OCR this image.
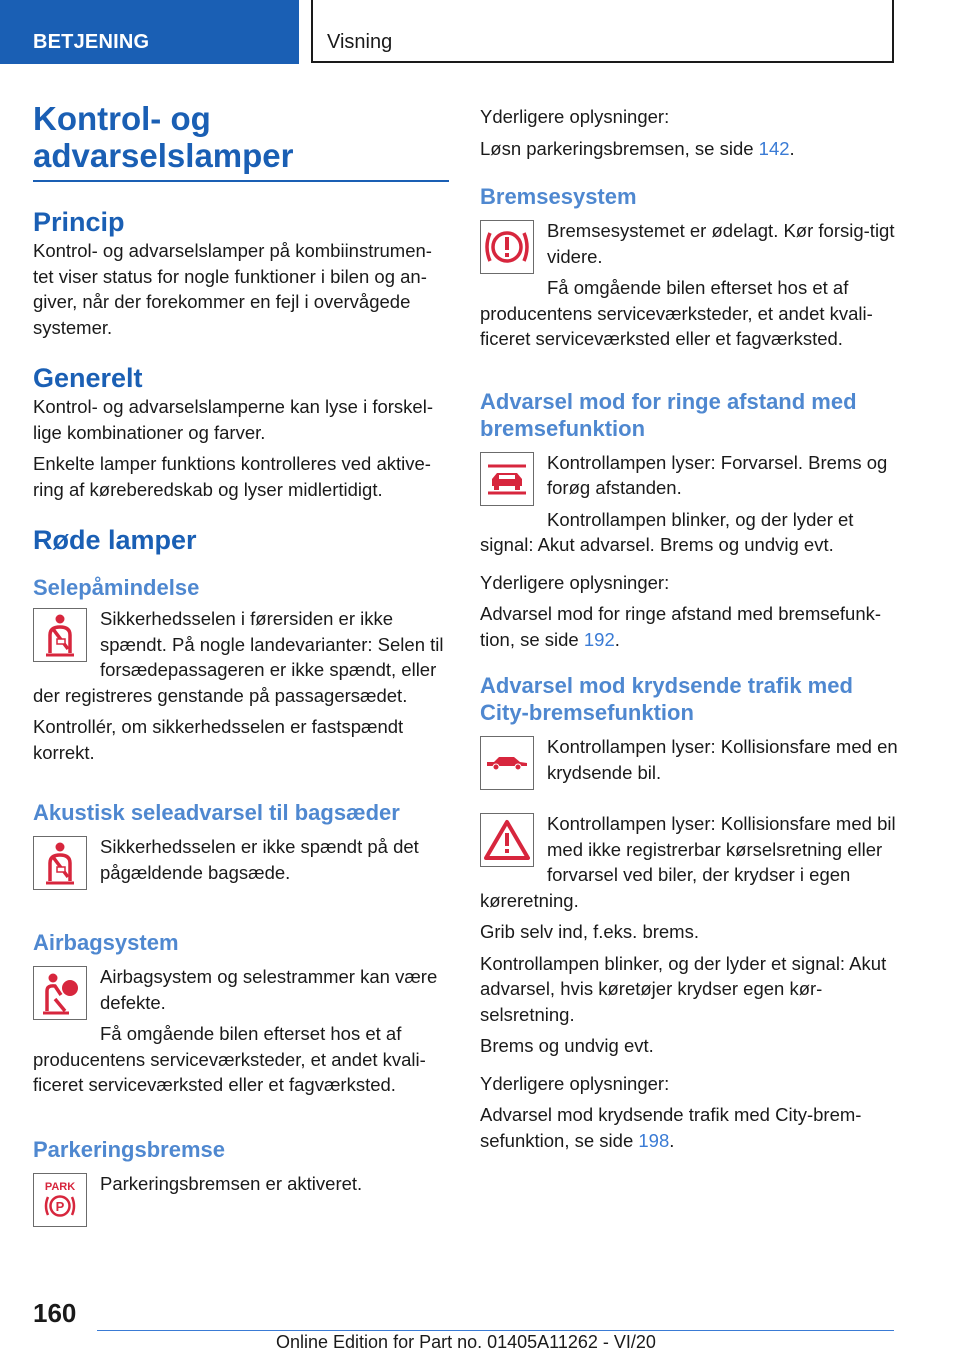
BETJENING	Visning
Kontrol- og advarselslamper
Princip

Kontrol- og advarselslamper på kombiinstrumen-tet viser status for nogle funktioner i bilen og an-giver, når der forekommer en fejl i overvågede systemer.

Generelt

Kontrol- og advarselslamperne kan lyse i forskel-lige kombinationer og farver.

Enkelte lamper funktions kontrolleres ved aktive-ring af køreberedskab og lyser midlertidigt.

Røde lamper
Selepåmindelse

Sikkerhedsselen i førersiden er ikke spændt. På nogle landevarianter: Selen til forsædepassageren er ikke spændt, eller der registreres genstande på passagersædet.

Kontrollér, om sikkerhedsselen er fastspændt korrekt.

Akustisk seleadvarsel til bagsæder

Sikkerhedsselen er ikke spændt på det pågældende bagsæde.

Airbagsystem

Airbagsystem og selestrammer kan være defekte.

Få omgående bilen efterset hos et af producentens serviceværksteder, et andet kvali-ficeret serviceværksted eller et fagværksted.

Parkeringsbremse
PARK
P

Parkeringsbremsen er aktiveret.

Yderligere oplysninger:

Løsn parkeringsbremsen, se side 142.

Bremsesystem

Bremsesystemet er ødelagt. Kør forsig-tigt videre.

Få omgående bilen efterset hos et af producentens serviceværksteder, et andet kvali-ficeret serviceværksted eller et fagværksted.

Advarsel mod for ringe afstand med bremsefunktion

Kontrollampen lyser: Forvarsel. Brems og forøg afstanden.

Kontrollampen blinker, og der lyder et signal: Akut advarsel. Brems og undvig evt.

Yderligere oplysninger:

Advarsel mod for ringe afstand med bremsefunk-tion, se side 192.

Advarsel mod krydsende trafik med City-bremsefunktion

Kontrollampen lyser: Kollisionsfare med en krydsende bil.

Kontrollampen lyser: Kollisionsfare med bil med ikke registrerbar kørselsretning eller forvarsel ved biler, der krydser i egen køreretning.

Grib selv ind, f.eks. brems.

Kontrollampen blinker, og der lyder et signal: Akut advarsel, hvis køretøjer krydser egen kør-selsretning.

Brems og undvig evt.

Yderligere oplysninger:

Advarsel mod krydsende trafik med City-brem-sefunktion, se side 198.

160
Online Edition for Part no. 01405A11262 - VI/20
